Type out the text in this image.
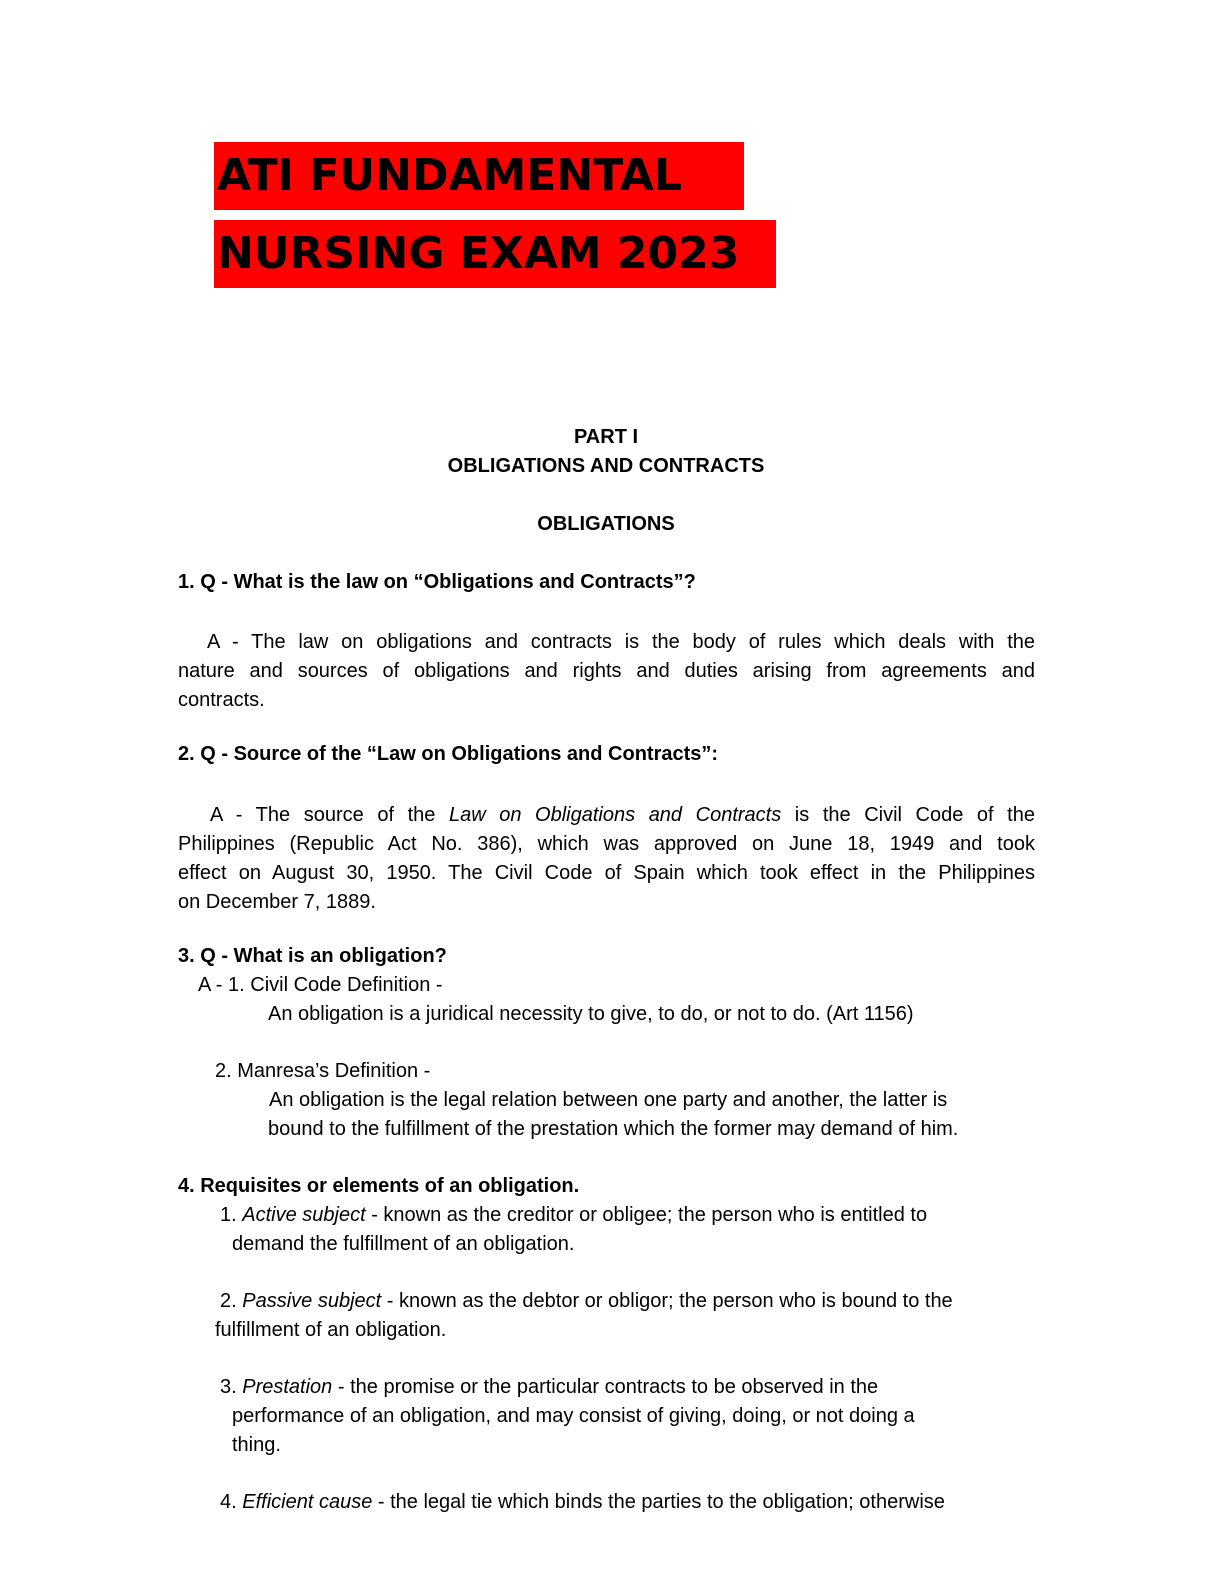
ATI FUNDAMENTAL
NURSING EXAM 2023
PART I
OBLIGATIONS AND CONTRACTS
OBLIGATIONS
1. Q - What is the law on “Obligations and Contracts”?
A - The law on obligations and contracts is the body of rules which deals with the
nature and sources of obligations and rights and duties arising from agreements and
contracts.
2. Q - Source of the “Law on Obligations and Contracts”:
A - The source of the Law on Obligations and Contracts is the Civil Code of the
Philippines (Republic Act No. 386), which was approved on June 18, 1949 and took
effect on August 30, 1950. The Civil Code of Spain which took effect in the Philippines
on December 7, 1889.
3. Q - What is an obligation?
A - 1. Civil Code Definition -
An obligation is a juridical necessity to give, to do, or not to do. (Art 1156)
2. Manresa’s Definition -
An obligation is the legal relation between one party and another, the latter is
bound to the fulfillment of the prestation which the former may demand of him.
4. Requisites or elements of an obligation.
1. Active subject - known as the creditor or obligee; the person who is entitled to
demand the fulfillment of an obligation.
2. Passive subject - known as the debtor or obligor; the person who is bound to the
fulfillment of an obligation.
3. Prestation - the promise or the particular contracts to be observed in the
performance of an obligation, and may consist of giving, doing, or not doing a
thing.
4. Efficient cause - the legal tie which binds the parties to the obligation; otherwise
